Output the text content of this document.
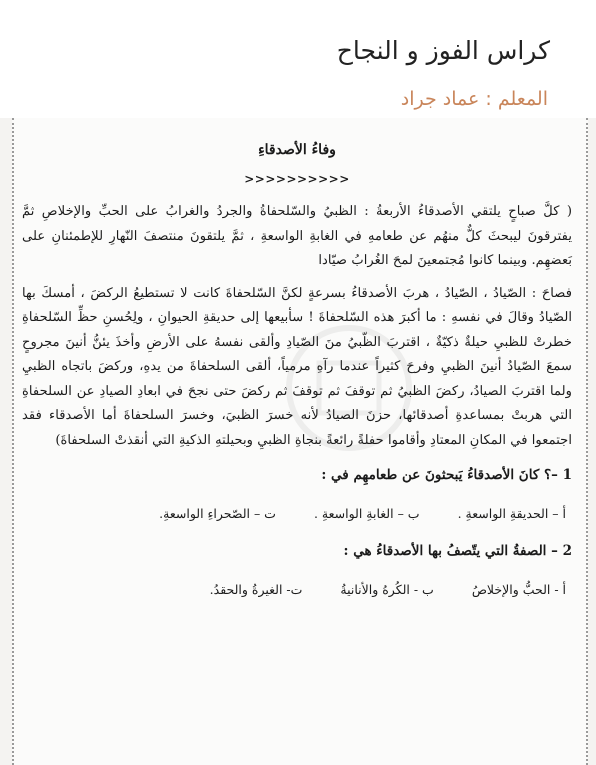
كراس الفوز و النجاح
المعلم : عماد جراد
وفاءُ الأصدقاءِ
>>>>>>>>>>

( كلَّ صباحٍ يلتقي الأصدقاءُ الأربعةُ : الظبيُ والسّلحفاةُ والجردُ والغرابُ على الحبِّ والإخلاصِ ثمَّ يفترقونَ ليبحثَ كلٌّ منهُم عن طعامهِ في الغابةِ الواسعةِ ، ثمَّ يلتقونَ منتصفَ النّهارِ للإطمئنانِ على بَعضهِم. وبينما كانوا مُجتمعينَ لمحَ الغُرابُ صيّادا

فصاحَ : الصّيادُ ، الصّيادُ ، هربَ الأصدقاءُ بسرعةٍ لكنَّ السّلحفاةَ كانت لا تستطيعُ الركضَ ، أمسكَ بها الصّيادُ وقالَ في نفسهِ : ما أكبرَ هذه السّلحفاةَ ! سأبيعها إلى حديقةِ الحيوانِ ، ولِحُسنِ حظِّ السّلحفاةِ خطرتْ للظبيِ حيلةٌ ذكيّةٌ ، اقتربَ الظّبيُ منَ الصّيادِ وألقى نفسهُ على الأرضِ وأخذَ يئنُّ أنينَ مجروحٍ سمعَ الصّيادُ أنينَ الظبيِ وفرحَ كثيراً عندما رآهِ مرمياً، ألقى السلحفاةَ من يدهِ، وركضَ باتجاه الظبيِ ولما اقتربَ الصيادُ، ركضَ الظبيُ ثم توقفَ ثم توقفَ ثم ركضَ حتى نجحَ في ابعادِ الصيادِ عن السلحفاةِ التي هربتْ بمساعدةِ أصدقائها، حزنَ الصيادُ لأنه خسرَ الظبيَ، وخسرَ السلحفاةَ أما الأصدقاء فقد اجتمعوا في المكانِ المعتادِ وأقاموا حفلةً رائعةً بنجاةِ الظبيِ وبحيلتهِ الذكيةِ التي أنقذتْ السلحفاةَ)

1 –؟ كانَ الأصدقاءُ يَبحثونَ عن طعامهِم في :
أ – الحديقةِ الواسعةِ .
ب – الغابةِ الواسعةِ .
ت – الصّحراءِ الواسعةِ.
2 – الصفةُ التي يتّصفُ بها الأصدقاءُ هي :
أ - الحبُّ والإخلاصُ
ب - الكُرهُ والأنانيةُ
ت- الغيرةُ والحقدُ.
